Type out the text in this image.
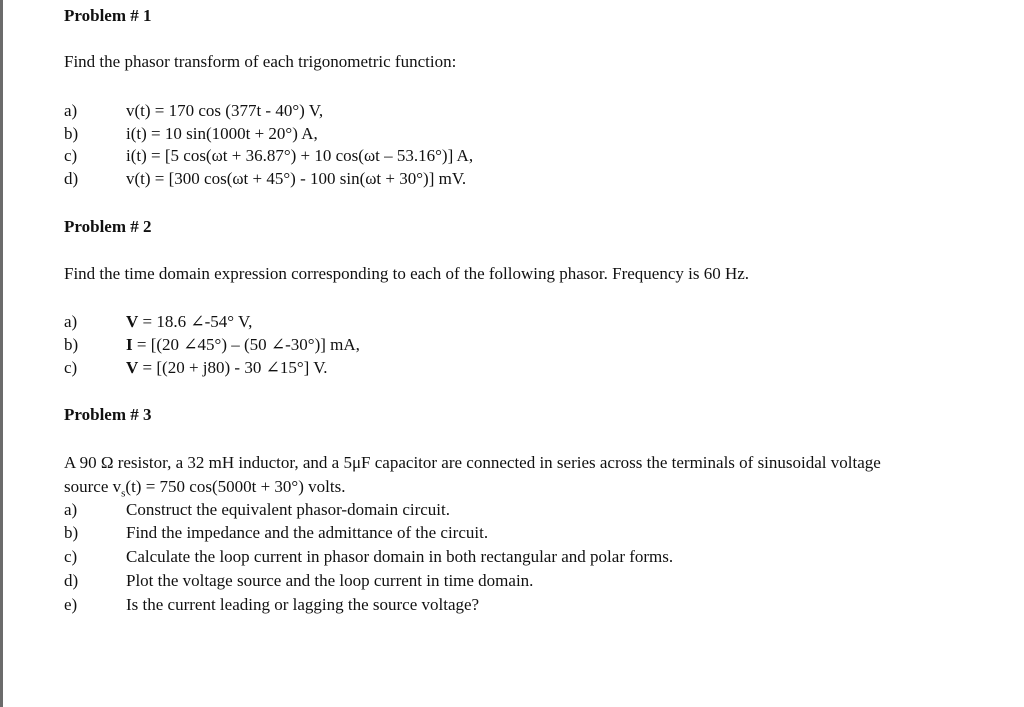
Problem # 1
Find the phasor transform of each trigonometric function:
a)	v(t) = 170 cos (377t - 40°) V,
b)	i(t) = 10 sin(1000t + 20°) A,
c)	i(t) = [5 cos(ωt + 36.87°) + 10 cos(ωt – 53.16°)] A,
d)	v(t) = [300 cos(ωt + 45°) - 100 sin(ωt + 30°)] mV.
Problem # 2
Find the time domain expression corresponding to each of the following phasor. Frequency is 60 Hz.
a)	V = 18.6 ∠-54° V,
b)	I = [(20 ∠45°) – (50 ∠-30°)] mA,
c)	V = [(20 + j80) - 30 ∠15°] V.
Problem # 3
A 90 Ω resistor, a 32 mH inductor, and a 5μF capacitor are connected in series across the terminals of sinusoidal voltage
source $v_s(t) = 750$ cos(5000t + 30°) volts.
a)	Construct the equivalent phasor-domain circuit.
b)	Find the impedance and the admittance of the circuit.
c)	Calculate the loop current in phasor domain in both rectangular and polar forms.
d)	Plot the voltage source and the loop current in time domain.
e)	Is the current leading or lagging the source voltage?
